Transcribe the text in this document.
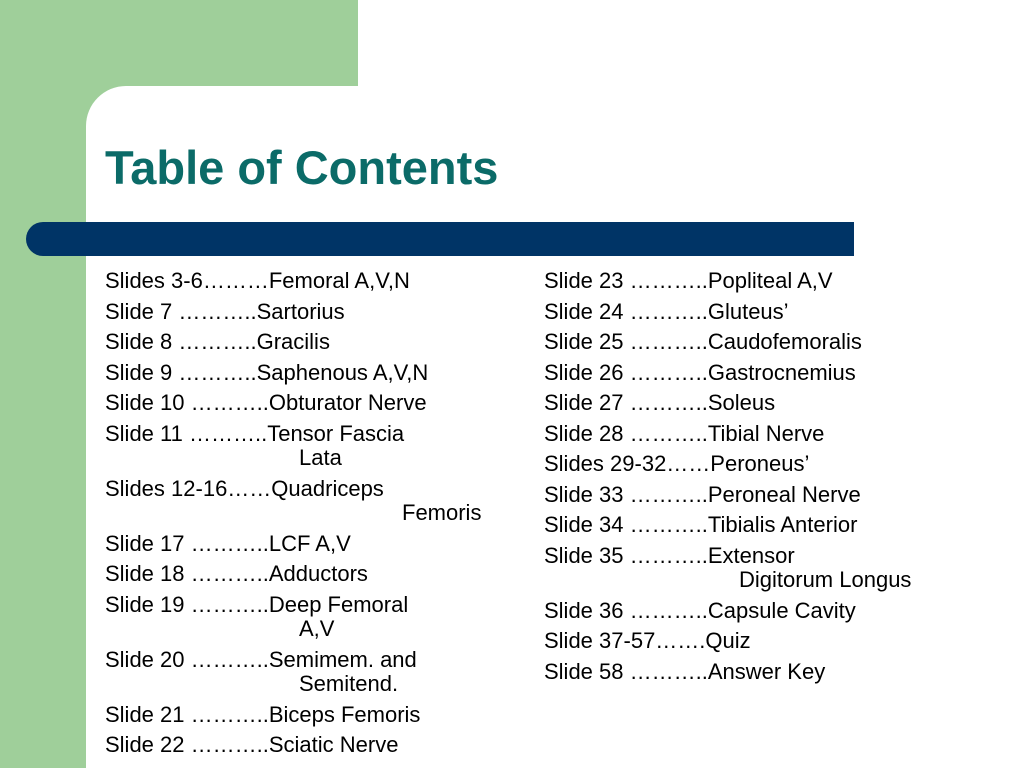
Table of Contents
Slides 3-6………Femoral A,V,N
Slide 7 ………..Sartorius
Slide 8 ………..Gracilis
Slide 9 ………..Saphenous A,V,N
Slide 10 ………..Obturator Nerve
Slide 11 ………..Tensor Fascia
Lata
Slides 12-16……Quadriceps
Femoris
Slide 17 ………..LCF A,V
Slide 18 ………..Adductors
Slide 19 ………..Deep Femoral
A,V
Slide 20 ………..Semimem. and
Semitend.
Slide 21 ………..Biceps Femoris
Slide 22 ………..Sciatic Nerve
Slide 23 ………..Popliteal A,V
Slide 24 ………..Gluteus’
Slide 25 ………..Caudofemoralis
Slide 26 ………..Gastrocnemius
Slide 27 ………..Soleus
Slide 28 ………..Tibial Nerve
Slides 29-32……Peroneus’
Slide 33 ………..Peroneal Nerve
Slide 34 ………..Tibialis Anterior
Slide 35 ………..Extensor
Digitorum Longus
Slide 36 ………..Capsule Cavity
Slide 37-57…….Quiz
Slide 58 ………..Answer Key
